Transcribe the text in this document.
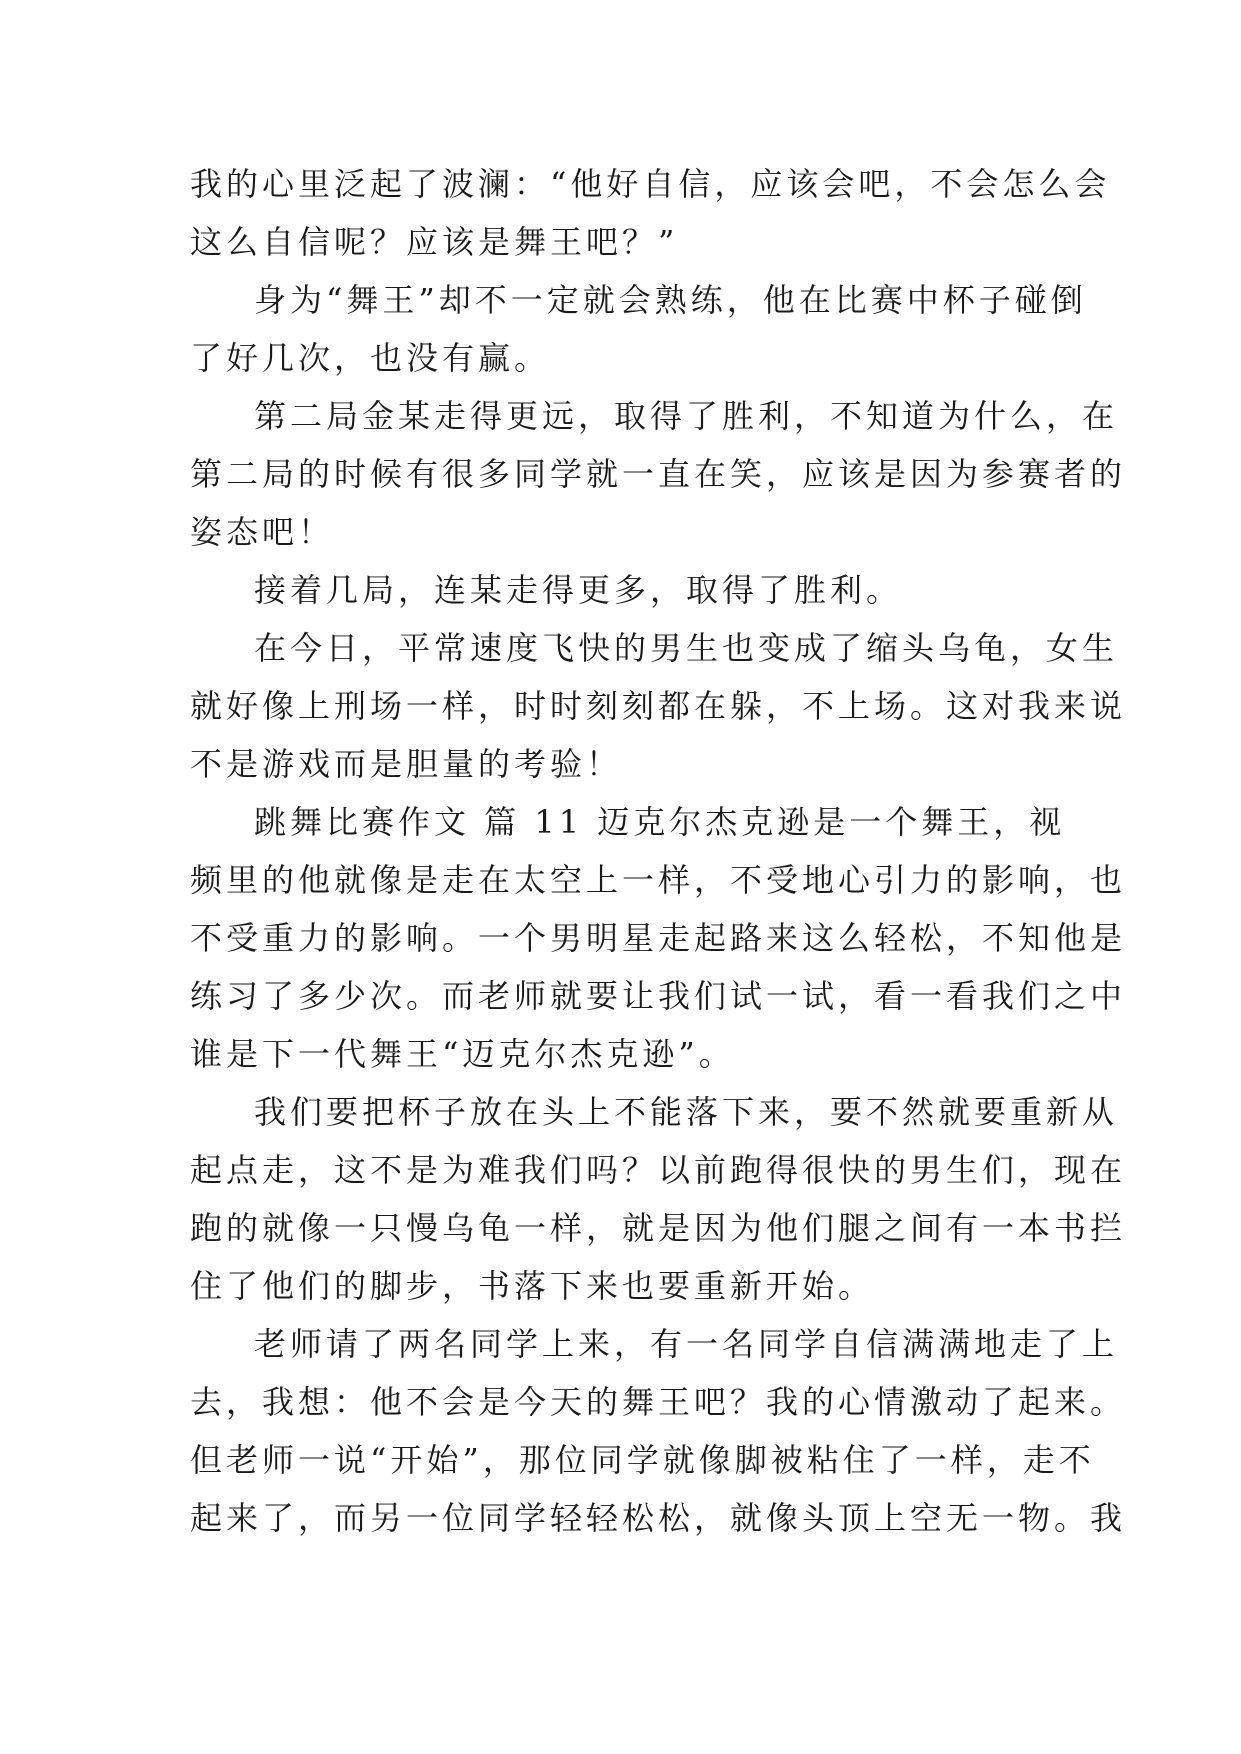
我的心里泛起了波澜：“他好自信，应该会吧，不会怎么会
这么自信呢？应该是舞王吧？”
身为“舞王”却不一定就会熟练，他在比赛中杯子碰倒
了好几次，也没有赢。
第二局金某走得更远，取得了胜利，不知道为什么，在
第二局的时候有很多同学就一直在笑，应该是因为参赛者的
姿态吧！
接着几局，连某走得更多，取得了胜利。
在今日，平常速度飞快的男生也变成了缩头乌龟，女生
就好像上刑场一样，时时刻刻都在躲，不上场。这对我来说
不是游戏而是胆量的考验！
跳舞比赛作文 篇 11 迈克尔杰克逊是一个舞王，视
频里的他就像是走在太空上一样，不受地心引力的影响，也
不受重力的影响。一个男明星走起路来这么轻松，不知他是
练习了多少次。而老师就要让我们试一试，看一看我们之中
谁是下一代舞王“迈克尔杰克逊”。
我们要把杯子放在头上不能落下来，要不然就要重新从
起点走，这不是为难我们吗？以前跑得很快的男生们，现在
跑的就像一只慢乌龟一样，就是因为他们腿之间有一本书拦
住了他们的脚步，书落下来也要重新开始。
老师请了两名同学上来，有一名同学自信满满地走了上
去，我想：他不会是今天的舞王吧？我的心情激动了起来。
但老师一说“开始”，那位同学就像脚被粘住了一样，走不
起来了，而另一位同学轻轻松松，就像头顶上空无一物。我
